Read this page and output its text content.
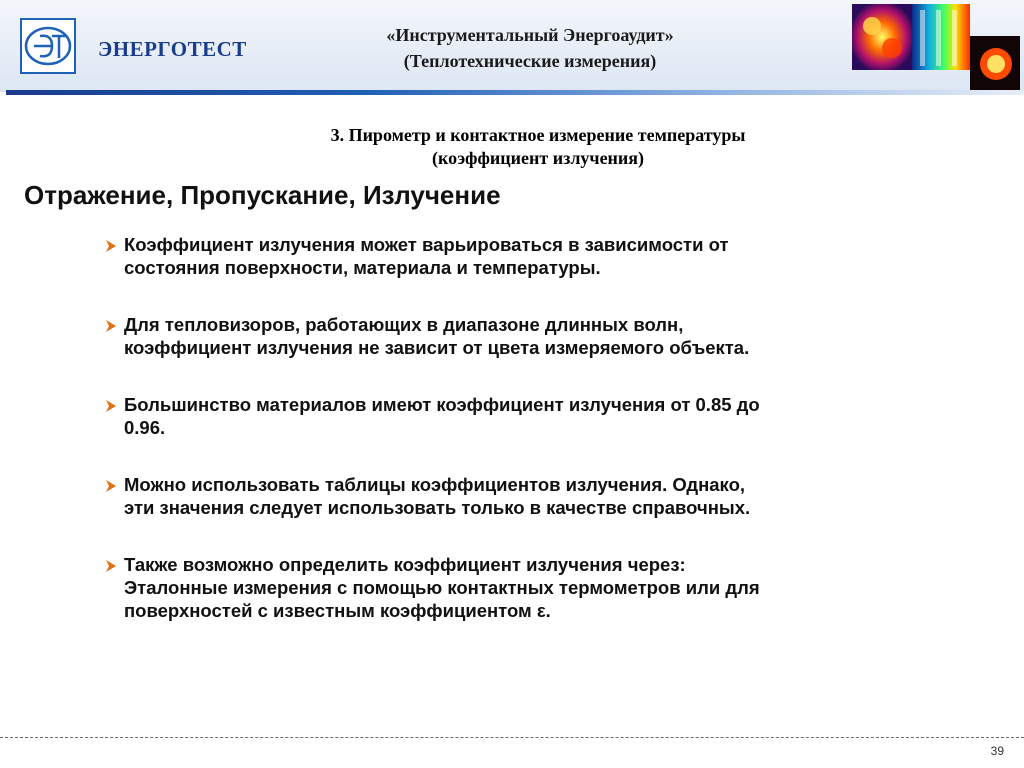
ЭНЕРГОТЕСТ
«Инструментальный Энергоаудит»
(Теплотехнические измерения)
3. Пирометр и контактное измерение температуры
(коэффициент излучения)
Отражение, Пропускание, Излучение
Коэффициент излучения может варьироваться в зависимости от
состояния поверхности, материала и температуры.
Для тепловизоров, работающих в диапазоне длинных волн,
коэффициент излучения не зависит от цвета измеряемого объекта.
Большинство материалов имеют коэффициент излучения от 0.85 до
0.96.
Можно использовать таблицы коэффициентов излучения. Однако,
эти значения следует использовать только в качестве справочных.
Также возможно определить коэффициент излучения через:
Эталонные измерения с помощью контактных термометров или для
поверхностей с известным коэффициентом ε.
39
